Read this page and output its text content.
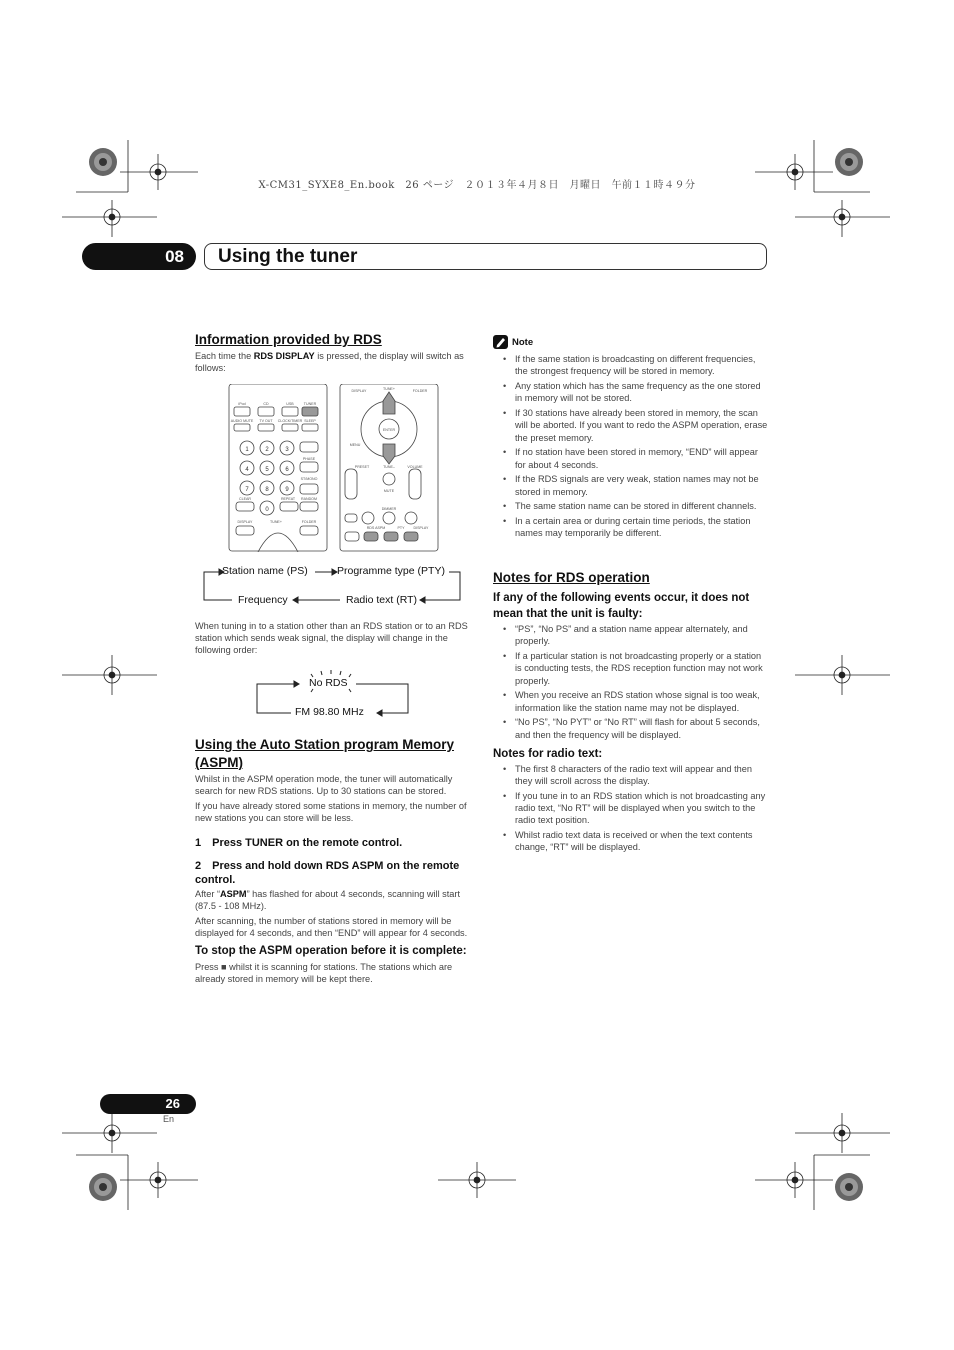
X-CM31_SYXE8_En.book　26 ページ　２０１３年４月８日　月曜日　午前１１時４９分
08	Using the tuner
Information provided by RDS

Each time the RDS DISPLAY is pressed, the display will switch as follows:

1	2	3
4	5	6
7	8	9
0
iPod	CD	USB	TUNER
AUDIO MUTE TV OUT CLOCK/TIMER SLEEP
PHASE
ST/MONO
CLEAR	REPEAT RANDOM
DISPLAY	TUNE+	FOLDER
DISPLAY	TUNE+	FOLDER
MENU
ENTER
PRESET	TUNE–	VOLUME
MUTE
DIMMER
RDS ASPM	PTY	DISPLAY
Station name (PS)	Programme type (PTY)
Frequency	Radio text (RT)

When tuning in to a station other than an RDS station or to an RDS station which sends weak signal, the display will change in the following order:

No RDS
FM 98.80 MHz
Using the Auto Station program Memory (ASPM)

Whilst in the ASPM operation mode, the tuner will automatically search for new RDS stations. Up to 30 stations can be stored.

If you have already stored some stations in memory, the number of new stations you can store will be less.

1　Press TUNER on the remote control.

2　Press and hold down RDS ASPM on the remote control.

After “ASPM” has flashed for about 4 seconds, scanning will start (87.5 - 108 MHz).

After scanning, the number of stations stored in memory will be displayed for 4 seconds, and then “END” will appear for 4 seconds.

To stop the ASPM operation before it is complete:

Press ■ whilst it is scanning for stations. The stations which are already stored in memory will be kept there.

Note
• If the same station is broadcasting on different frequencies, the strongest frequency will be stored in memory.
• Any station which has the same frequency as the one stored in memory will not be stored.
• If 30 stations have already been stored in memory, the scan will be aborted. If you want to redo the ASPM operation, erase the preset memory.
• If no station have been stored in memory, “END” will appear for about 4 seconds.
• If the RDS signals are very weak, station names may not be stored in memory.
• The same station name can be stored in different channels.
• In a certain area or during certain time periods, the station names may temporarily be different.
Notes for RDS operation
If any of the following events occur, it does not mean that the unit is faulty:
• “PS”, “No PS” and a station name appear alternately, and properly.
• If a particular station is not broadcasting properly or a station is conducting tests, the RDS reception function may not work properly.
• When you receive an RDS station whose signal is too weak, information like the station name may not be displayed.
• “No PS”, “No PYT” or “No RT” will flash for about 5 seconds, and then the frequency will be displayed.
Notes for radio text:
• The first 8 characters of the radio text will appear and then they will scroll across the display.
• If you tune in to an RDS station which is not broadcasting any radio text, “No RT” will be displayed when you switch to the radio text position.
• Whilst radio text data is received or when the text contents change, “RT” will be displayed.
26
En
